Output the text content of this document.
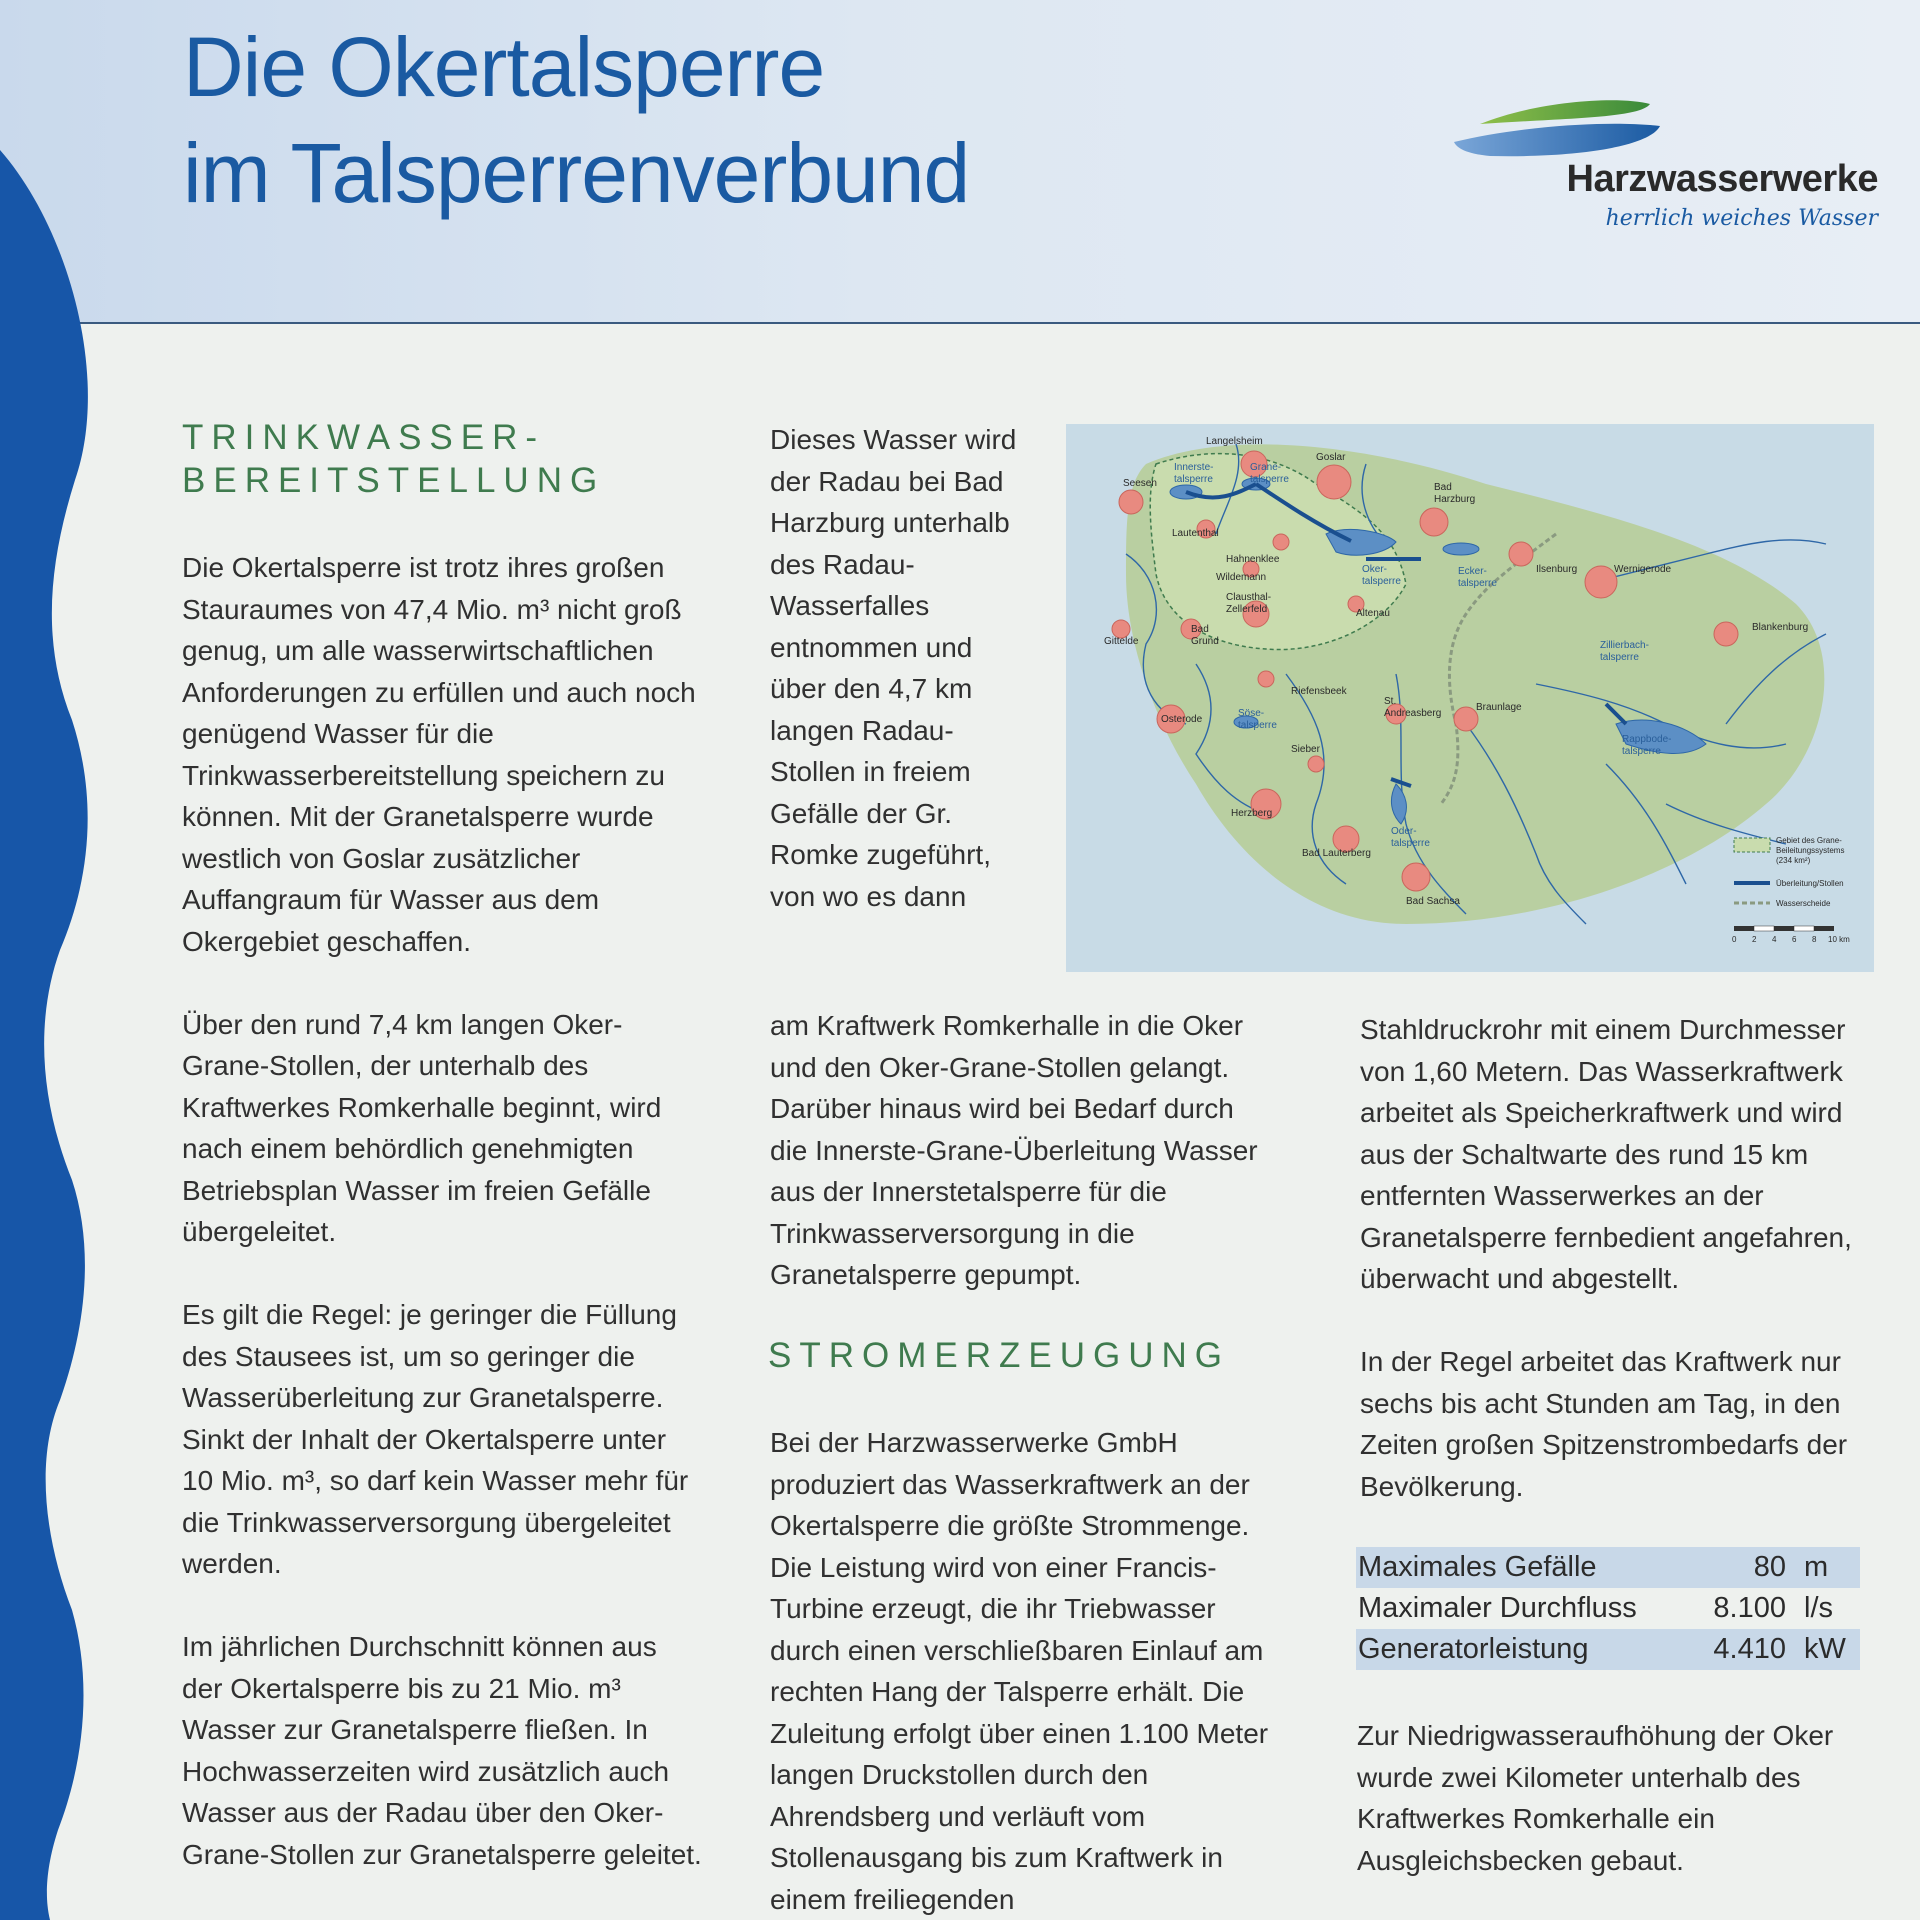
Die Okertalsperre
im Talsperrenverbund	Harzwasserwerke
herrlich weiches Wasser
TRINKWASSER-
BEREITSTELLUNG

Die Okertalsperre ist trotz ihres großen Stauraumes von 47,4 Mio. m³ nicht groß genug, um alle wasserwirtschaftlichen Anforderungen zu erfüllen und auch noch genügend Wasser für die Trinkwasserbereitstellung speichern zu können. Mit der Granetalsperre wurde westlich von Goslar zusätzlicher Auffangraum für Wasser aus dem Okergebiet geschaffen.

Über den rund 7,4 km langen Oker-Grane-Stollen, der unterhalb des Kraftwerkes Romkerhalle beginnt, wird nach einem behördlich genehmigten Betriebsplan Wasser im freien Gefälle übergeleitet.

Es gilt die Regel: je geringer die Füllung des Stausees ist, um so geringer die Wasserüberleitung zur Granetalsperre. Sinkt der Inhalt der Okertalsperre unter 10 Mio. m³, so darf kein Wasser mehr für die Trinkwasserversorgung übergeleitet werden.

Im jährlichen Durchschnitt können aus der Okertalsperre bis zu 21 Mio. m³ Wasser zur Granetalsperre fließen. In Hochwasserzeiten wird zusätzlich auch Wasser aus der Radau über den Oker-Grane-Stollen zur Granetalsperre geleitet.

Dieses Wasser wird der Radau bei Bad Harzburg unterhalb des Radau-Wasserfalles entnommen und über den 4,7 km langen Radau-Stollen in freiem Gefälle der Gr. Romke zugeführt, von wo es dann

am Kraftwerk Romkerhalle in die Oker und den Oker-Grane-Stollen gelangt. Darüber hinaus wird bei Bedarf durch die Innerste-Grane-Überleitung Wasser aus der Innerstetalsperre für die Trinkwasserversorgung in die Granetalsperre gepumpt.

STROMERZEUGUNG

Bei der Harzwasserwerke GmbH produziert das Wasserkraftwerk an der Okertalsperre die größte Strommenge. Die Leistung wird von einer Francis-Turbine erzeugt, die ihr Triebwasser durch einen verschließbaren Einlauf am rechten Hang der Talsperre erhält. Die Zuleitung erfolgt über einen 1.100 Meter langen Druckstollen durch den Ahrendsberg und verläuft vom Stollenausgang bis zum Kraftwerk in einem freiliegenden

Stahldruckrohr mit einem Durchmesser von 1,60 Metern. Das Wasserkraftwerk arbeitet als Speicherkraftwerk und wird aus der Schaltwarte des rund 15 km entfernten Wasserwerkes an der Granetalsperre fernbedient angefahren, überwacht und abgestellt.

In der Regel arbeitet das Kraftwerk nur sechs bis acht Stunden am Tag, in den Zeiten großen Spitzenstrombedarfs der Bevölkerung.

Maximales Gefälle	80 m
Maximaler Durchfluss	8.100 l/s
Generatorleistung	4.410 kW

Zur Niedrigwasseraufhöhung der Oker wurde zwei Kilometer unterhalb des Kraftwerkes Romkerhalle ein Ausgleichsbecken gebaut.

Langelsheim
Goslar
Seesen	Bad Harzburg
Lautenthal
Hahnenklee
Wildemann
Clausthal-Zellerfeld	Altenau
Ilsenburg	Wernigerode
Blankenburg
Gittelde
Bad Grund
Riefensbeek
St. Andreasberg
Braunlage
Osterode
Sieber
Herzberg
Bad Lauterberg
Bad Sachsa
Innerste-talsperre
Grane-talsperre
Oker-talsperre
Ecker-talsperre
Zillierbach-talsperre
Söse-talsperre
Rappbode-talsperre
Oder-talsperre	Gebiet des Grane-Beileitungssystems (234 km²)
Überleitung/Stollen
Wasserscheide
0 2 4 6 8 10 km
